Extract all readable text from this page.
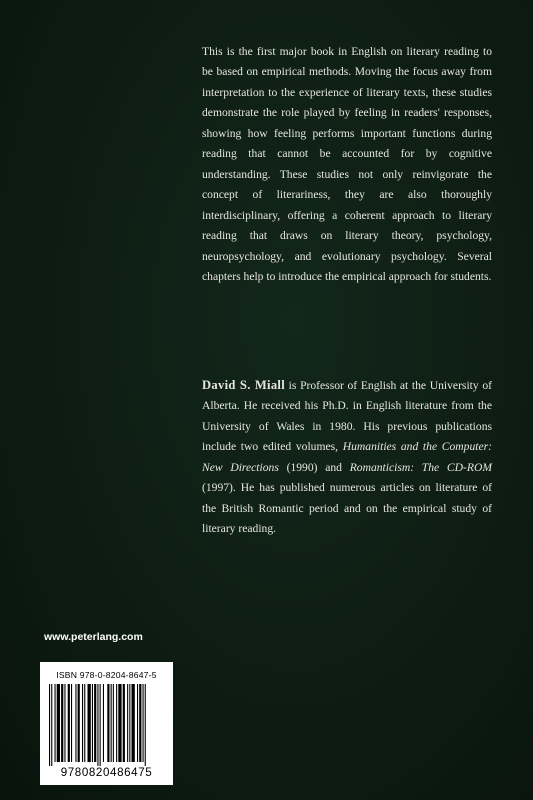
This is the first major book in English on literary reading to be based on empirical methods. Moving the focus away from interpretation to the experience of literary texts, these studies demonstrate the role played by feeling in readers' responses, showing how feeling performs important functions during reading that cannot be accounted for by cognitive understanding. These studies not only reinvigorate the concept of literariness, they are also thoroughly interdisciplinary, offering a coherent approach to literary reading that draws on literary theory, psychology, neuropsychology, and evolutionary psychology. Several chapters help to introduce the empirical approach for students.

David S. Miall is Professor of English at the University of Alberta. He received his Ph.D. in English literature from the University of Wales in 1980. His previous publications include two edited volumes, Humanities and the Computer: New Directions (1990) and Romanticism: The CD-ROM (1997). He has published numerous articles on literature of the British Romantic period and on the empirical study of literary reading.

www.peterlang.com
ISBN 978-0-8204-8647-5
9780820486475
